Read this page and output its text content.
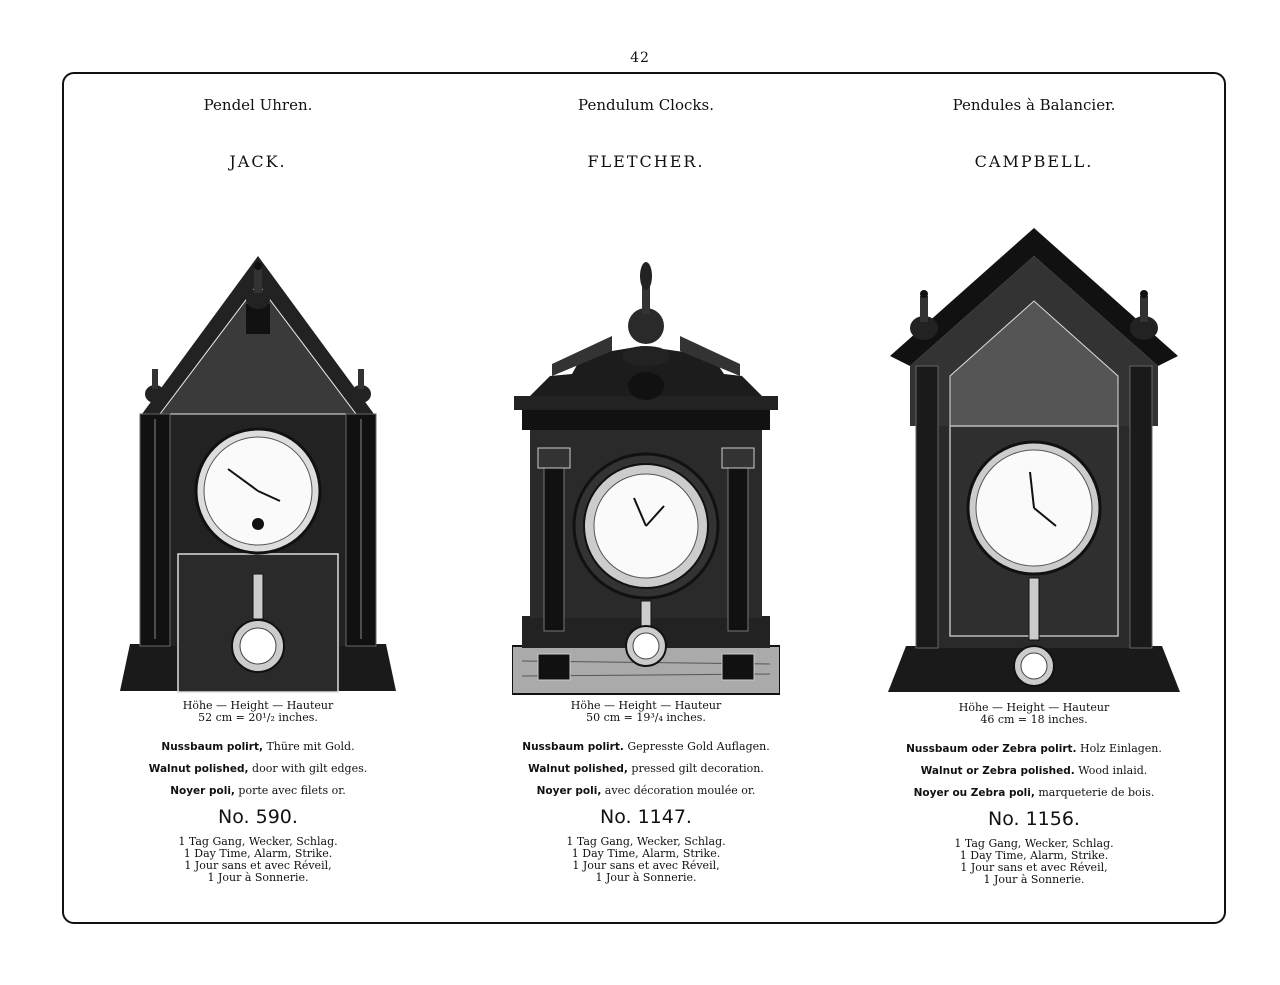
42
Pendel Uhren.
JACK.
Höhe — Height — Hauteur
52 cm = 20¹/₂ inches.
Nussbaum polirt, Thüre mit Gold.
Walnut polished, door with gilt edges.
Noyer poli, porte avec filets or.
No. 590.
1 Tag Gang, Wecker, Schlag.
1 Day Time, Alarm, Strike.
1 Jour sans et avec Réveil,
1 Jour à Sonnerie.
Pendulum Clocks.
FLETCHER.
Höhe — Height — Hauteur
50 cm = 19³/₄ inches.
Nussbaum polirt. Gepresste Gold Auflagen.
Walnut polished, pressed gilt decoration.
Noyer poli, avec décoration moulée or.
No. 1147.
1 Tag Gang, Wecker, Schlag.
1 Day Time, Alarm, Strike.
1 Jour sans et avec Réveil,
1 Jour à Sonnerie.
Pendules à Balancier.
CAMPBELL.
Höhe — Height — Hauteur
46 cm = 18 inches.
Nussbaum oder Zebra polirt. Holz Einlagen.
Walnut or Zebra polished. Wood inlaid.
Noyer ou Zebra poli, marqueterie de bois.
No. 1156.
1 Tag Gang, Wecker, Schlag.
1 Day Time, Alarm, Strike.
1 Jour sans et avec Réveil,
1 Jour à Sonnerie.
